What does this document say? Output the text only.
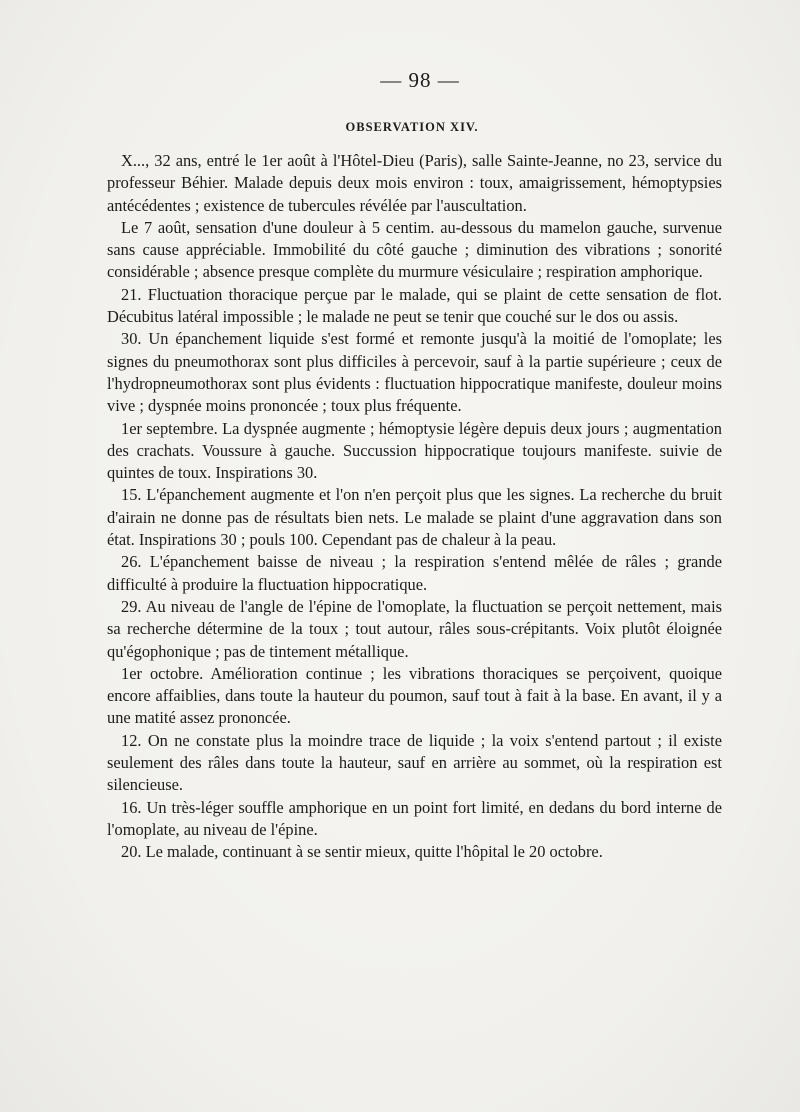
— 98 —
OBSERVATION XIV.

X..., 32 ans, entré le 1er août à l'Hôtel-Dieu (Paris), salle Sainte-Jeanne, no 23, service du professeur Béhier. Malade depuis deux mois environ : toux, amaigrissement, hémoptypsies antécédentes ; existence de tubercules révélée par l'auscultation.

Le 7 août, sensation d'une douleur à 5 centim. au-dessous du mamelon gauche, survenue sans cause appréciable. Immobilité du côté gauche ; diminution des vibrations ; sonorité considérable ; absence presque complète du murmure vésiculaire ; respiration amphorique.

21. Fluctuation thoracique perçue par le malade, qui se plaint de cette sensation de flot. Décubitus latéral impossible ; le malade ne peut se tenir que couché sur le dos ou assis.

30. Un épanchement liquide s'est formé et remonte jusqu'à la moitié de l'omoplate; les signes du pneumothorax sont plus difficiles à percevoir, sauf à la partie supérieure ; ceux de l'hydropneumothorax sont plus évidents : fluctuation hippocratique manifeste, douleur moins vive ; dyspnée moins prononcée ; toux plus fréquente.

1er septembre. La dyspnée augmente ; hémoptysie légère depuis deux jours ; augmentation des crachats. Voussure à gauche. Succussion hippocratique toujours manifeste. suivie de quintes de toux. Inspirations 30.

15. L'épanchement augmente et l'on n'en perçoit plus que les signes. La recherche du bruit d'airain ne donne pas de résultats bien nets. Le malade se plaint d'une aggravation dans son état. Inspirations 30 ; pouls 100. Cependant pas de chaleur à la peau.

26. L'épanchement baisse de niveau ; la respiration s'entend mêlée de râles ; grande difficulté à produire la fluctuation hippocratique.

29. Au niveau de l'angle de l'épine de l'omoplate, la fluctuation se perçoit nettement, mais sa recherche détermine de la toux ; tout autour, râles sous-crépitants. Voix plutôt éloignée qu'égophonique ; pas de tintement métallique.

1er octobre. Amélioration continue ; les vibrations thoraciques se perçoivent, quoique encore affaiblies, dans toute la hauteur du poumon, sauf tout à fait à la base. En avant, il y a une matité assez prononcée.

12. On ne constate plus la moindre trace de liquide ; la voix s'entend partout ; il existe seulement des râles dans toute la hauteur, sauf en arrière au sommet, où la respiration est silencieuse.

16. Un très-léger souffle amphorique en un point fort limité, en dedans du bord interne de l'omoplate, au niveau de l'épine.

20. Le malade, continuant à se sentir mieux, quitte l'hôpital le 20 octobre.
